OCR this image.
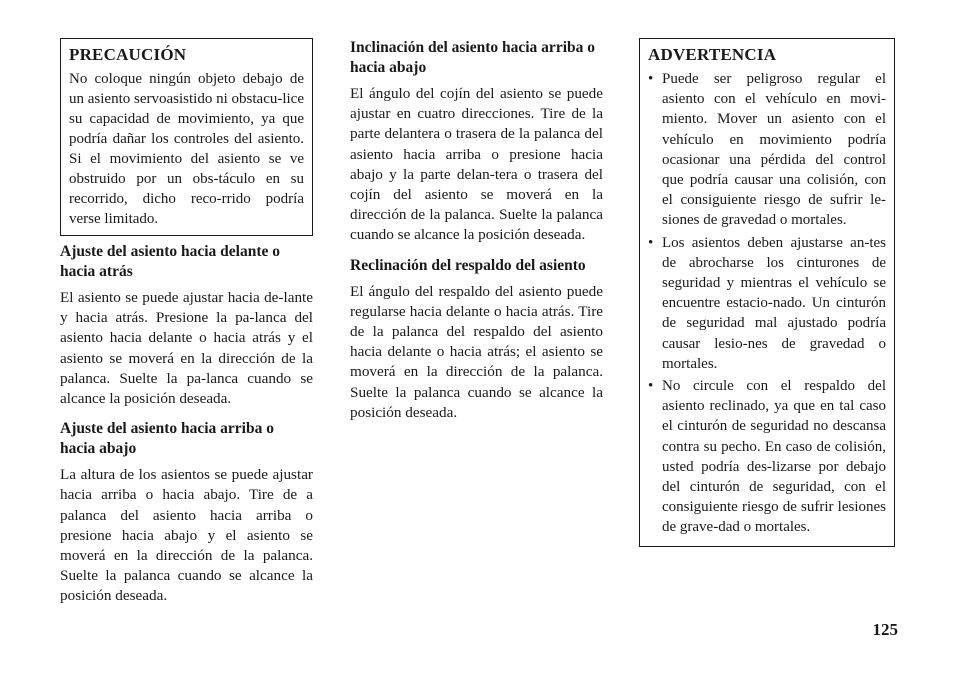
PRECAUCIÓN

No coloque ningún objeto debajo de un asiento servoasistido ni obstacu-lice su capacidad de movimiento, ya que podría dañar los controles del asiento. Si el movimiento del asiento se ve obstruido por un obs-táculo en su recorrido, dicho reco-rrido podría verse limitado.

Ajuste del asiento hacia delante o hacia atrás

El asiento se puede ajustar hacia de-lante y hacia atrás. Presione la pa-lanca del asiento hacia delante o hacia atrás y el asiento se moverá en la dirección de la palanca. Suelte la pa-lanca cuando se alcance la posición deseada.

Ajuste del asiento hacia arriba o hacia abajo

La altura de los asientos se puede ajustar hacia arriba o hacia abajo. Tire de a palanca del asiento hacia arriba o presione hacia abajo y el asiento se moverá en la dirección de la palanca. Suelte la palanca cuando se alcance la posición deseada.

Inclinación del asiento hacia arriba o hacia abajo

El ángulo del cojín del asiento se puede ajustar en cuatro direcciones. Tire de la parte delantera o trasera de la palanca del asiento hacia arriba o presione hacia abajo y la parte delan-tera o trasera del cojín del asiento se moverá en la dirección de la palanca. Suelte la palanca cuando se alcance la posición deseada.

Reclinación del respaldo del asiento

El ángulo del respaldo del asiento puede regularse hacia delante o hacia atrás. Tire de la palanca del respaldo del asiento hacia delante o hacia atrás; el asiento se moverá en la dirección de la palanca. Suelte la palanca cuando se alcance la posición deseada.

ADVERTENCIA
• Puede ser peligroso regular el asiento con el vehículo en movi-miento. Mover un asiento con el vehículo en movimiento podría ocasionar una pérdida del control que podría causar una colisión, con el consiguiente riesgo de sufrir le-siones de gravedad o mortales.
• Los asientos deben ajustarse an-tes de abrocharse los cinturones de seguridad y mientras el vehículo se encuentre estacio-nado. Un cinturón de seguridad mal ajustado podría causar lesio-nes de gravedad o mortales.
• No circule con el respaldo del asiento reclinado, ya que en tal caso el cinturón de seguridad no descansa contra su pecho. En caso de colisión, usted podría des-lizarse por debajo del cinturón de seguridad, con el consiguiente riesgo de sufrir lesiones de grave-dad o mortales.
125
